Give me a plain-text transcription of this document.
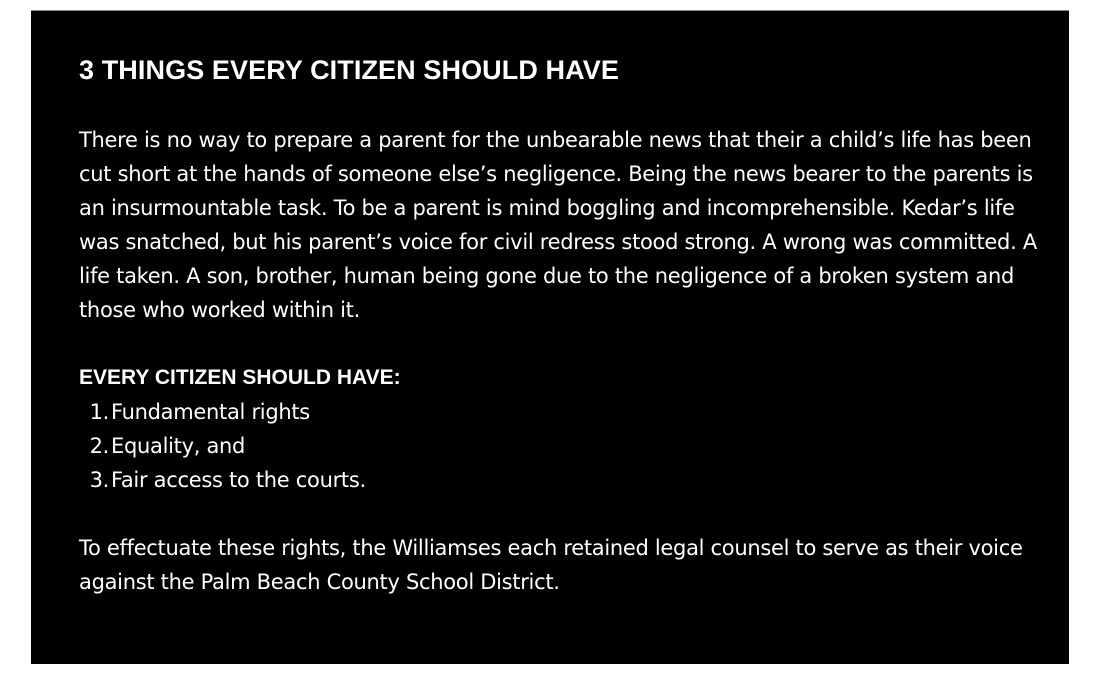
3 THINGS EVERY CITIZEN SHOULD HAVE

There is no way to prepare a parent for the unbearable news that their a child’s life has been cut short at the hands of someone else’s negligence. Being the news bearer to the parents is an insurmountable task. To be a parent is mind boggling and incomprehensible. Kedar’s life was snatched, but his parent’s voice for civil redress stood strong. A wrong was committed. A life taken. A son, brother, human being gone due to the negligence of a broken system and those who worked within it.

EVERY CITIZEN SHOULD HAVE:
1.Fundamental rights
2.Equality, and
3.Fair access to the courts.

To effectuate these rights, the Williamses each retained legal counsel to serve as their voice against the Palm Beach County School District.
